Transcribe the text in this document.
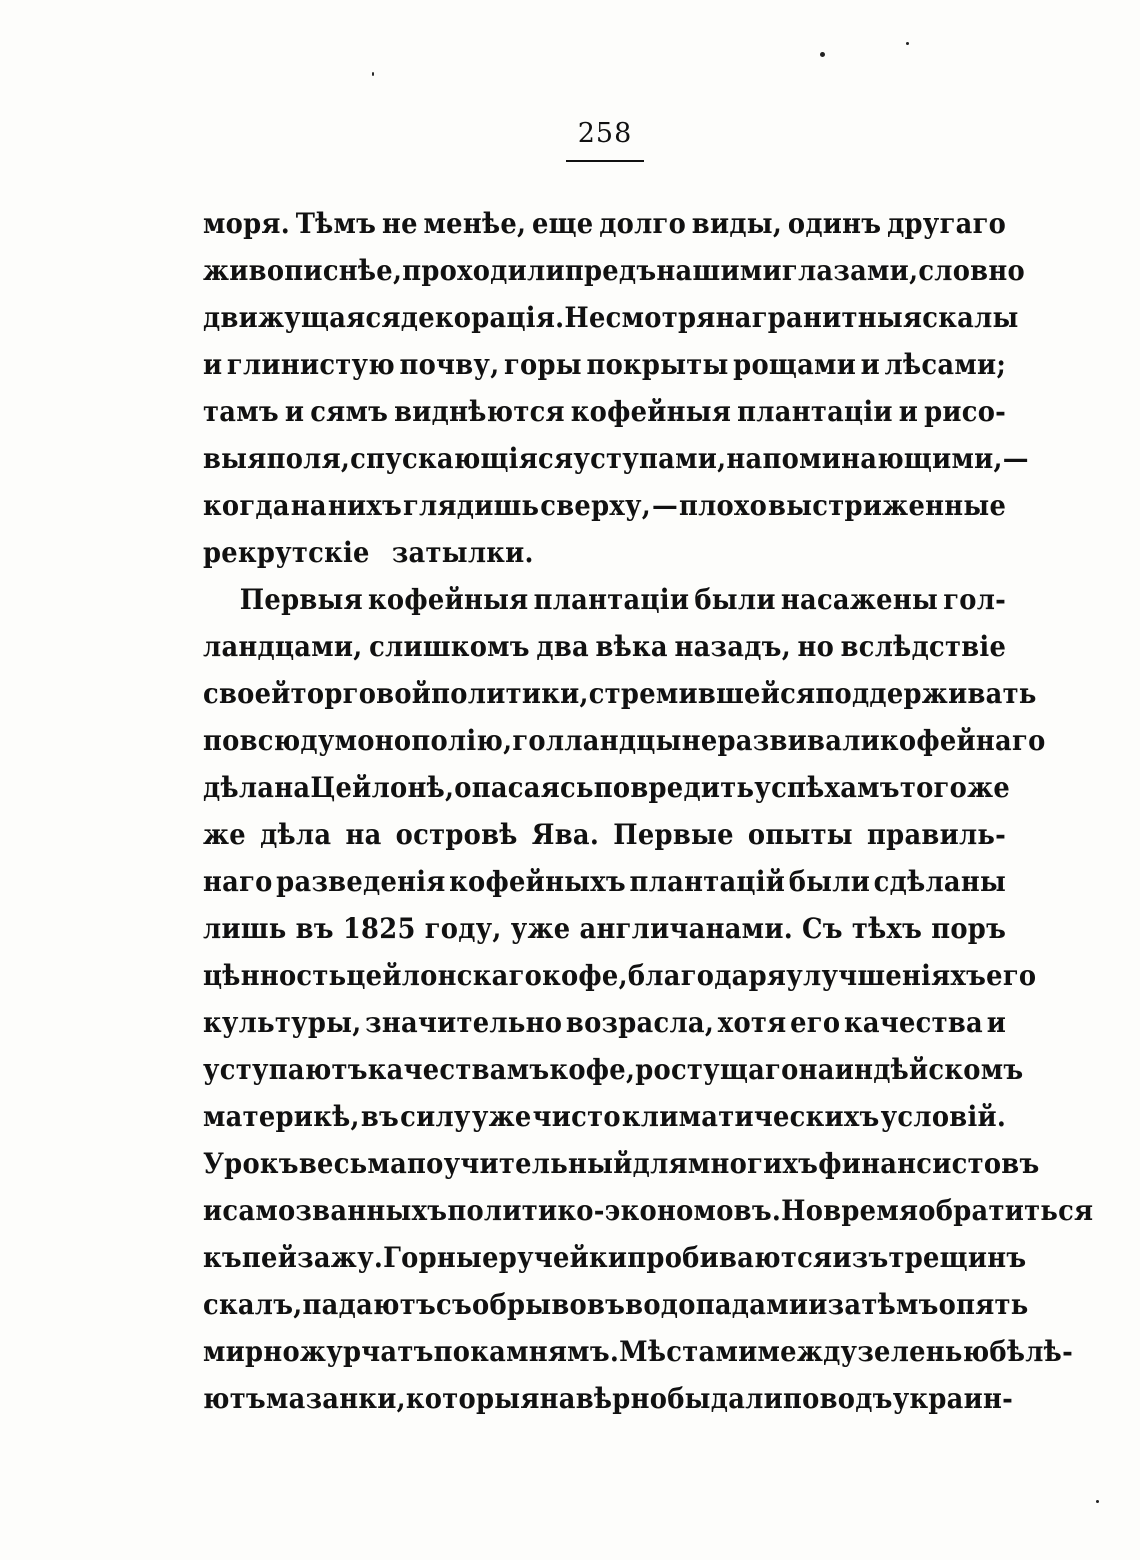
258
моря. Тѣмъ не менѣе, еще долго виды, одинъ другаго
живописнѣе, проходили предъ нашими глазами, словно
движущаяся декорація. Не смотря на гранитныя скалы
и глинистую почву, горы покрыты рощами и лѣсами;
тамъ и сямъ виднѣются кофейныя плантаціи и рисо-
выя поля, спускающіяся уступами, напоминающими, —
когда на нихъ глядишь сверху, — плохо выстриженные
рекрутскіе затылки.
Первыя кофейныя плантаціи были насажены гол-
ландцами, слишкомъ два вѣка назадъ, но вслѣдствіе
своей торговой политики, стремившейся поддерживать
повсюду монополію, голландцы не развивали кофейнаго
дѣла на Цейлонѣ, опасаясь повредить успѣхамъ тогоже
же дѣла на островѣ Ява. Первые опыты правиль-
наго разведенія кофейныхъ плантацій были сдѣланы
лишь въ 1825 году, уже англичанами. Съ тѣхъ поръ
цѣнность цейлонскаго кофе, благодаря улучшеніяхъ его
культуры, значительно возрасла, хотя его качества и
уступаютъ качествамъ кофе, ростущаго на индѣйскомъ
материкѣ, въ силу уже чисто климатическихъ условій.
Урокъ весьма поучительный для многихъ финансистовъ
и самозванныхъ политико-экономовъ. Но время обратиться
къ пейзажу. Горные ручейки пробиваются изъ трещинъ
скалъ, падаютъ съ обрывовъ водопадами и затѣмъ опять
мирно журчатъ по камнямъ. Мѣстами между зеленью бѣлѣ-
ютъ мазанки, которыя навѣрно бы дали поводъ украин-
